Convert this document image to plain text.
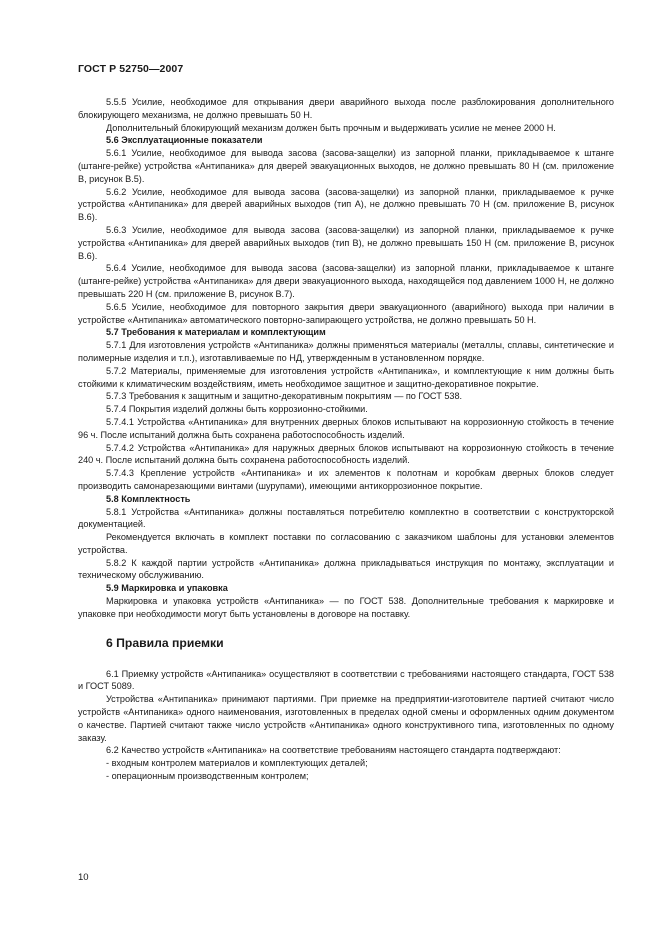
ГОСТ Р 52750—2007

5.5.5 Усилие, необходимое для открывания двери аварийного выхода после разблокирования дополнительного блокирующего механизма, не должно превышать 50 Н.

Дополнительный блокирующий механизм должен быть прочным и выдерживать усилие не менее 2000 Н.

5.6 Эксплуатационные показатели

5.6.1 Усилие, необходимое для вывода засова (засова-защелки) из запорной планки, прикладываемое к штанге (штанге-рейке) устройства «Антипаника» для дверей эвакуационных выходов, не должно превышать 80 Н (см. приложение В, рисунок В.5).

5.6.2 Усилие, необходимое для вывода засова (засова-защелки) из запорной планки, прикладываемое к ручке устройства «Антипаника» для дверей аварийных выходов (тип А), не должно превышать 70 Н (см. приложение В, рисунок В.6).

5.6.3 Усилие, необходимое для вывода засова (засова-защелки) из запорной планки, прикладываемое к ручке устройства «Антипаника» для дверей аварийных выходов (тип В), не должно превышать 150 Н (см. приложение В, рисунок В.6).

5.6.4 Усилие, необходимое для вывода засова (засова-защелки) из запорной планки, прикладываемое к штанге (штанге-рейке) устройства «Антипаника» для двери эвакуационного выхода, находящейся под давлением 1000 Н, не должно превышать 220 Н (см. приложение В, рисунок В.7).

5.6.5 Усилие, необходимое для повторного закрытия двери эвакуационного (аварийного) выхода при наличии в устройстве «Антипаника» автоматического повторно-запирающего устройства, не должно превышать 50 Н.

5.7 Требования к материалам и комплектующим

5.7.1 Для изготовления устройств «Антипаника» должны применяться материалы (металлы, сплавы, синтетические и полимерные изделия и т.п.), изготавливаемые по НД, утвержденным в установленном порядке.

5.7.2 Материалы, применяемые для изготовления устройств «Антипаника», и комплектующие к ним должны быть стойкими к климатическим воздействиям, иметь необходимое защитное и защитно-декоративное покрытие.

5.7.3 Требования к защитным и защитно-декоративным покрытиям — по ГОСТ 538.

5.7.4 Покрытия изделий должны быть коррозионно-стойкими.

5.7.4.1 Устройства «Антипаника» для внутренних дверных блоков испытывают на коррозионную стойкость в течение 96 ч. После испытаний должна быть сохранена работоспособность изделий.

5.7.4.2 Устройства «Антипаника» для наружных дверных блоков испытывают на коррозионную стойкость в течение 240 ч. После испытаний должна быть сохранена работоспособность изделий.

5.7.4.3 Крепление устройств «Антипаника» и их элементов к полотнам и коробкам дверных блоков следует производить самонарезающими винтами (шурупами), имеющими антикоррозионное покрытие.

5.8 Комплектность

5.8.1 Устройства «Антипаника» должны поставляться потребителю комплектно в соответствии с конструкторской документацией.

Рекомендуется включать в комплект поставки по согласованию с заказчиком шаблоны для установки элементов устройства.

5.8.2 К каждой партии устройств «Антипаника» должна прикладываться инструкция по монтажу, эксплуатации и техническому обслуживанию.

5.9 Маркировка и упаковка

Маркировка и упаковка устройств «Антипаника» — по ГОСТ 538. Дополнительные требования к маркировке и упаковке при необходимости могут быть установлены в договоре на поставку.

6 Правила приемки

6.1 Приемку устройств «Антипаника» осуществляют в соответствии с требованиями настоящего стандарта, ГОСТ 538 и ГОСТ 5089.

Устройства «Антипаника» принимают партиями. При приемке на предприятии-изготовителе партией считают число устройств «Антипаника» одного наименования, изготовленных в пределах одной смены и оформленных одним документом о качестве. Партией считают также число устройств «Антипаника» одного конструктивного типа, изготовленных по одному заказу.

6.2 Качество устройств «Антипаника» на соответствие требованиям настоящего стандарта подтверждают:

- входным контролем материалов и комплектующих деталей;

- операционным производственным контролем;

10
